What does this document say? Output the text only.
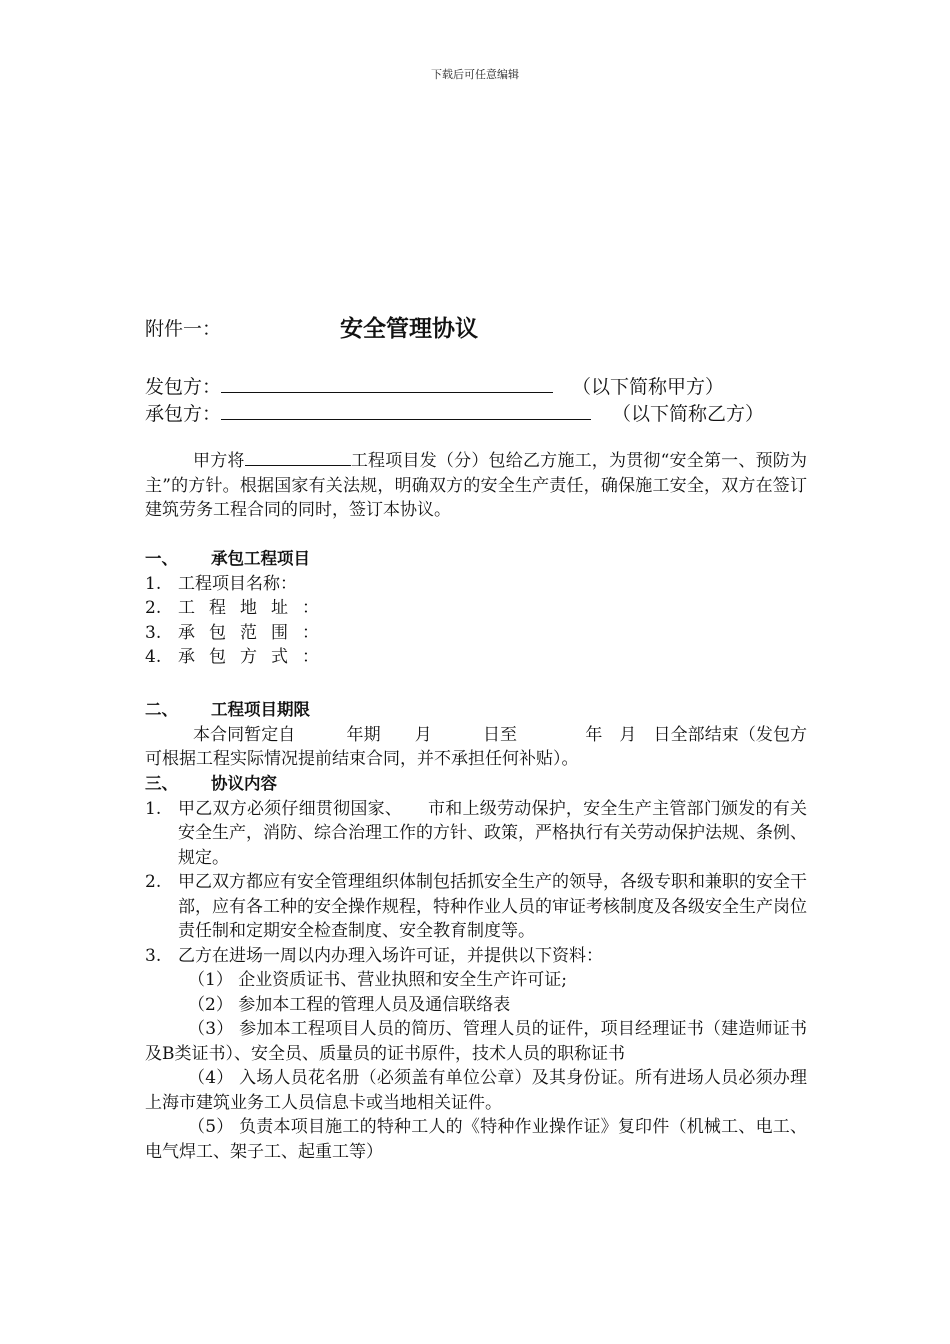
下载后可任意编辑
附件一：	安全管理协议
发包方：	（以下简称甲方）
承包方：	（以下简称乙方）
甲方将	工程项目发（分）包给乙方施工，为贯彻“安全第一、预防为主”的方针。根据国家有关法规，明确双方的安全生产责任，确保施工安全，双方在签订建筑劳务工程合同的同时，签订本协议。
一、 承包工程项目
1. 工程项目名称：
2. 工程地址：
3. 承包范围：
4. 承包方式：
二、 工程项目期限
本合同暂定自　　　年期　　月　　　日至　　　　年　月　日全部结束（发包方可根据工程实际情况提前结束合同，并不承担任何补贴）。
三、 协议内容
1. 甲乙双方必须仔细贯彻国家、　　市和上级劳动保护，安全生产主管部门颁发的有关安全生产，消防、综合治理工作的方针、政策，严格执行有关劳动保护法规、条例、规定。
2. 甲乙双方都应有安全管理组织体制包括抓安全生产的领导，各级专职和兼职的安全干部，应有各工种的安全操作规程，特种作业人员的审证考核制度及各级安全生产岗位责任制和定期安全检查制度、安全教育制度等。
3. 乙方在进场一周以内办理入场许可证，并提供以下资料：
（1） 企业资质证书、营业执照和安全生产许可证;
（2） 参加本工程的管理人员及通信联络表
（3） 参加本工程项目人员的简历、管理人员的证件，项目经理证书（建造师证书及B类证书）、安全员、质量员的证书原件，技术人员的职称证书
（4） 入场人员花名册（必须盖有单位公章）及其身份证。所有进场人员必须办理上海市建筑业务工人员信息卡或当地相关证件。
（5） 负责本项目施工的特种工人的《特种作业操作证》复印件（机械工、电工、电气焊工、架子工、起重工等）
